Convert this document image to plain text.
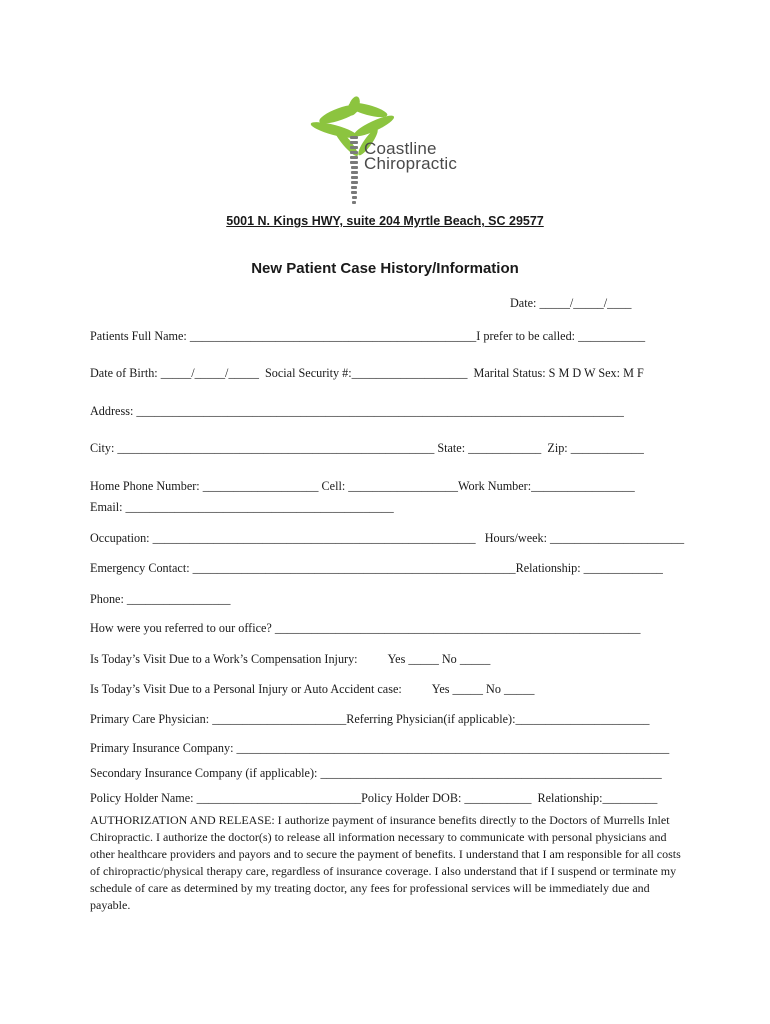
Coastline
Chiropractic
5001 N. Kings HWY, suite 204 Myrtle Beach, SC 29577
New Patient Case History/Information
Date: _____/_____/____
Patients Full Name: _______________________________________________I prefer to be called: ___________
Date of Birth: _____/_____/_____  Social Security #:___________________  Marital Status: S M D W Sex: M F
Address: ________________________________________________________________________________
City: ____________________________________________________ State: ____________  Zip: ____________
Home Phone Number: ___________________ Cell: __________________Work Number:_________________
Email: ____________________________________________
Occupation: _____________________________________________________   Hours/week: ______________________
Emergency Contact: _____________________________________________________Relationship: _____________
Phone: _________________
How were you referred to our office? ____________________________________________________________
Is Today’s Visit Due to a Work’s Compensation Injury:          Yes _____ No _____
Is Today’s Visit Due to a Personal Injury or Auto Accident case:          Yes _____ No _____
Primary Care Physician: ______________________Referring Physician(if applicable):______________________
Primary Insurance Company: _______________________________________________________________________
Secondary Insurance Company (if applicable): ________________________________________________________
Policy Holder Name: ___________________________Policy Holder DOB: ___________  Relationship:_________
AUTHORIZATION AND RELEASE: I authorize payment of insurance benefits directly to the Doctors of Murrells Inlet Chiropractic. I authorize the doctor(s) to release all information necessary to communicate with personal physicians and other healthcare providers and payors and to secure the payment of benefits. I understand that I am responsible for all costs of chiropractic/physical therapy care, regardless of insurance coverage. I also understand that if I suspend or terminate my schedule of care as determined by my treating doctor, any fees for professional services will be immediately due and payable.
